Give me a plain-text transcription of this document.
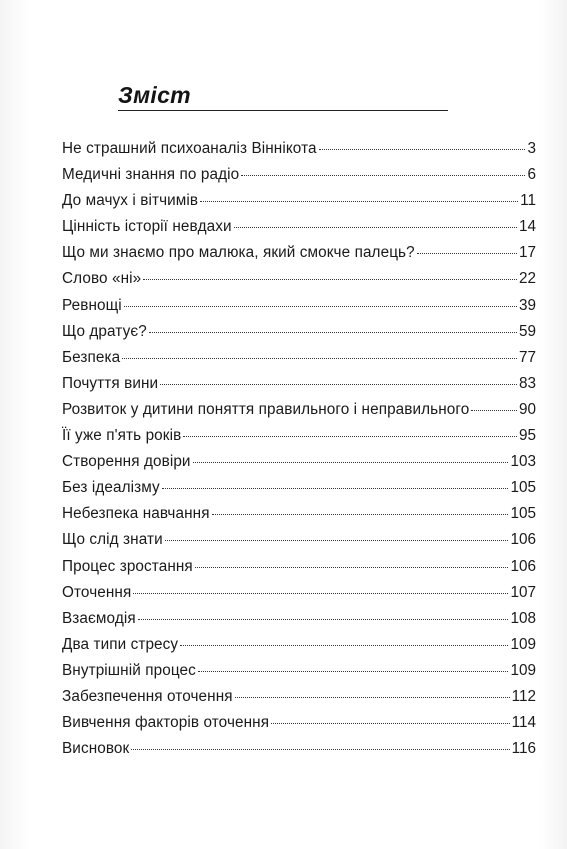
Зміст
Не страшний психоаналіз Віннікота	3
Медичні знання по радіо	6
До мачух і вітчимів	11
Цінність історії невдахи	14
Що ми знаємо про малюка, який смокче палець?	17
Слово «ні»	22
Ревнощі	39
Що дратує?	59
Безпека	77
Почуття вини	83
Розвиток у дитини поняття правильного і неправильного	90
Її уже п'ять років	95
Створення довіри	103
Без ідеалізму	105
Небезпека навчання	105
Що слід знати	106
Процес зростання	106
Оточення	107
Взаємодія	108
Два типи стресу	109
Внутрішній процес	109
Забезпечення оточення	112
Вивчення факторів оточення	114
Висновок	116
